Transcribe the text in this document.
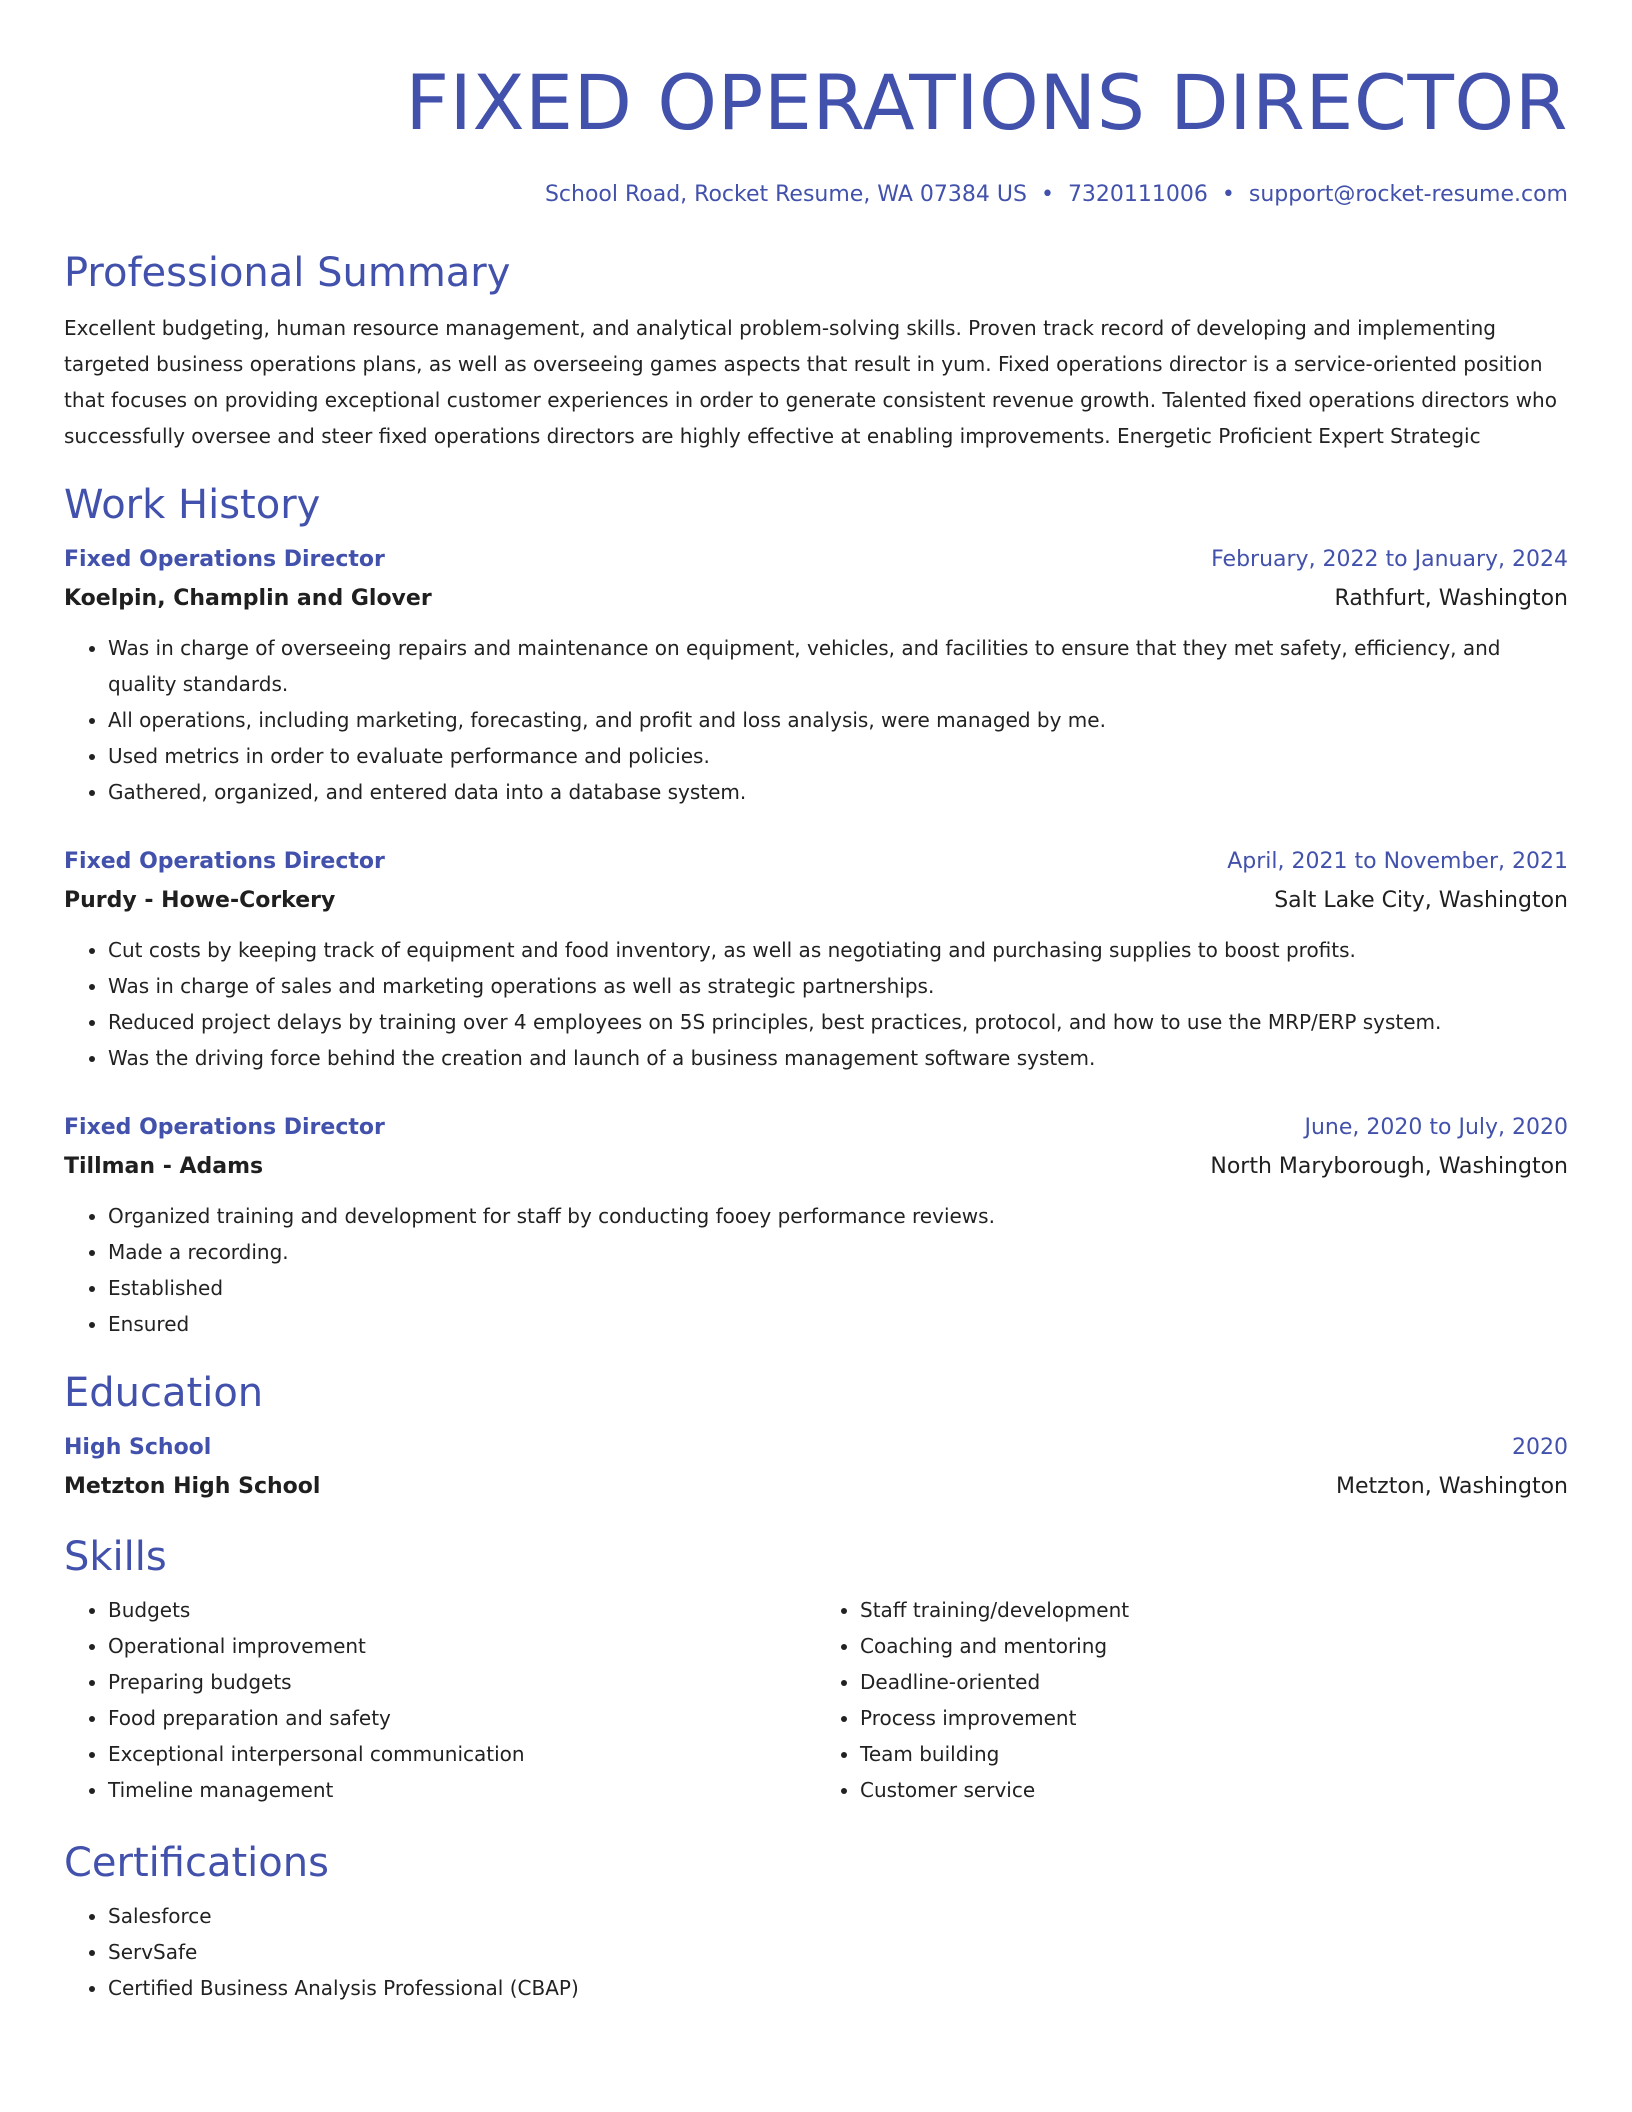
FIXED OPERATIONS DIRECTOR
School Road, Rocket Resume, WA 07384 US • 7320111006 • support@rocket-resume.com
Professional Summary
Excellent budgeting, human resource management, and analytical problem-solving skills. Proven track record of developing and implementing targeted business operations plans, as well as overseeing games aspects that result in yum. Fixed operations director is a service-oriented position that focuses on providing exceptional customer experiences in order to generate consistent revenue growth. Talented fixed operations directors who successfully oversee and steer fixed operations directors are highly effective at enabling improvements. Energetic Proficient Expert Strategic
Work History
Fixed Operations Director	February, 2022 to January, 2024
Koelpin, Champlin and Glover	Rathfurt, Washington
• Was in charge of overseeing repairs and maintenance on equipment, vehicles, and facilities to ensure that they met safety, efficiency, and quality standards.
• All operations, including marketing, forecasting, and profit and loss analysis, were managed by me.
• Used metrics in order to evaluate performance and policies.
• Gathered, organized, and entered data into a database system.
Fixed Operations Director	April, 2021 to November, 2021
Purdy - Howe-Corkery	Salt Lake City, Washington
• Cut costs by keeping track of equipment and food inventory, as well as negotiating and purchasing supplies to boost profits.
• Was in charge of sales and marketing operations as well as strategic partnerships.
• Reduced project delays by training over 4 employees on 5S principles, best practices, protocol, and how to use the MRP/ERP system.
• Was the driving force behind the creation and launch of a business management software system.
Fixed Operations Director	June, 2020 to July, 2020
Tillman - Adams	North Maryborough, Washington
• Organized training and development for staff by conducting fooey performance reviews.
• Made a recording.
• Established
• Ensured
Education
High School	2020
Metzton High School	Metzton, Washington
Skills
• Budgets
• Operational improvement
• Preparing budgets
• Food preparation and safety
• Exceptional interpersonal communication
• Timeline management
• Staff training/development
• Coaching and mentoring
• Deadline-oriented
• Process improvement
• Team building
• Customer service
Certifications
• Salesforce
• ServSafe
• Certified Business Analysis Professional (CBAP)
